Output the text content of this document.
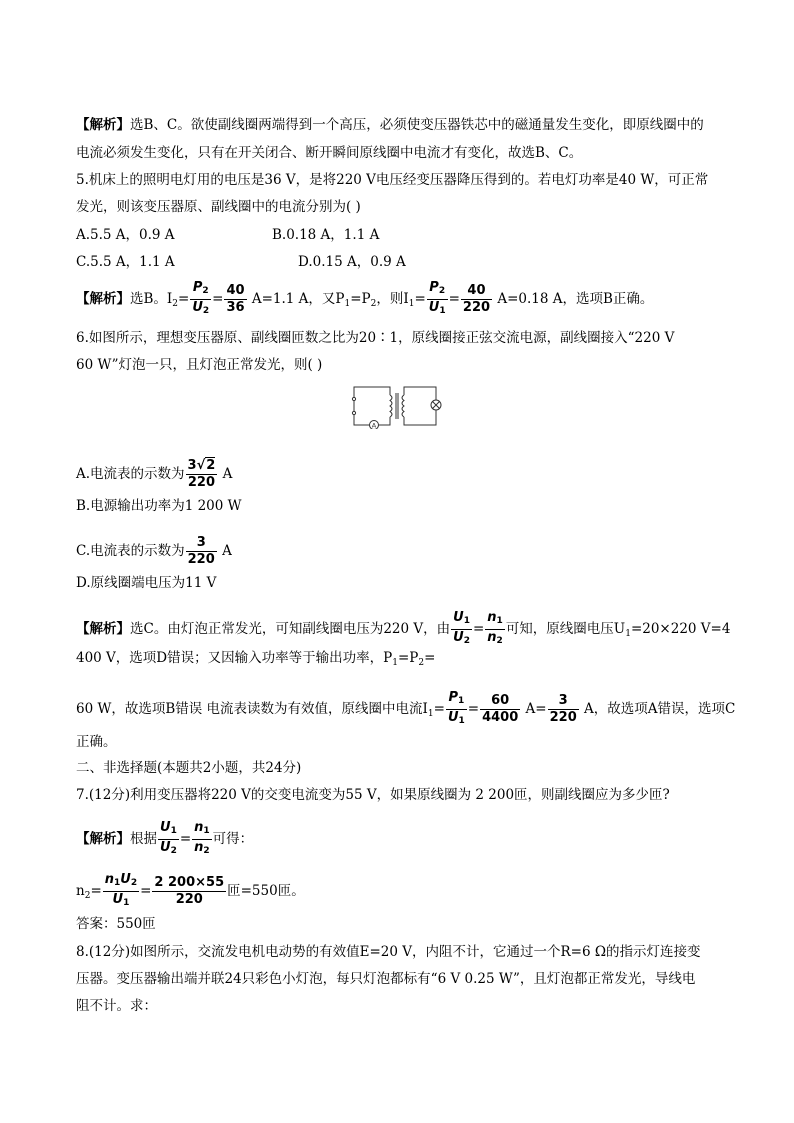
【解析】选B、C。欲使副线圈两端得到一个高压，必须使变压器铁芯中的磁通量发生变化，即原线圈中的
电流必须发生变化，只有在开关闭合、断开瞬间原线圈中电流才有变化，故选B、C。
5.机床上的照明电灯用的电压是36 V，是将220 V电压经变压器降压得到的。若电灯功率是40 W，可正常
发光，则该变压器原、副线圈中的电流分别为( )
A.5.5 A，0.9 A	B.0.18 A，1.1 A
C.5.5 A，1.1 A	D.0.15 A，0.9 A
【解析】选B。$I_2= \frac{P_2}{U_2} = \frac{40}{36} A=1.1$ A，又$P_1=P_2$，则$I_1= \frac{P_2}{U_1} = \frac{40}{220} A=0.18$ A，选项B正确。
6.如图所示，理想变压器原、副线圈匝数之比为20∶1，原线圈接正弦交流电源，副线圈接入“220 V
60 W”灯泡一只，且灯泡正常发光，则( )
A
A.电流表的示数为 $\frac{3√2}{220}$ A
B.电源输出功率为1 200 W
C.电流表的示数为 $\frac{3}{220}$ A
D.原线圈端电压为11 V
【解析】选C。由灯泡正常发光，可知副线圈电压为220 V，由 $\frac{U_1}{U_2} = \frac{n_1}{n_2}$ 可知，原线圈电压$U_1=20\times 220$ V=4
400 V，选项D错误；又因输入功率等于输出功率，$P_1=P_2=$
60 W，故选项B错误 电流表读数为有效值，原线圈中电流$I_1= \frac{P_1}{U_1} = \frac{60}{4400} A= \frac{3}{220}$ A，故选项A错误，选项C
正确。
二、非选择题(本题共2小题，共24分)
7.(12分)利用变压器将220 V的交变电流变为55 V，如果原线圈为 2 200匝，则副线圈应为多少匝?
【解析】根据 $\frac{U_1}{U_2} = \frac{n_1}{n_2}$ 可得：
$n_2= \frac{n_1U_2}{U_1} = \frac{2 200\times 55}{220}$ 匝=550匝。
答案：550匝
8.(12分)如图所示，交流发电机电动势的有效值E=20 V，内阻不计，它通过一个R=6 Ω的指示灯连接变
压器。变压器输出端并联24只彩色小灯泡，每只灯泡都标有“6 V 0.25 W”，且灯泡都正常发光，导线电
阻不计。求：
